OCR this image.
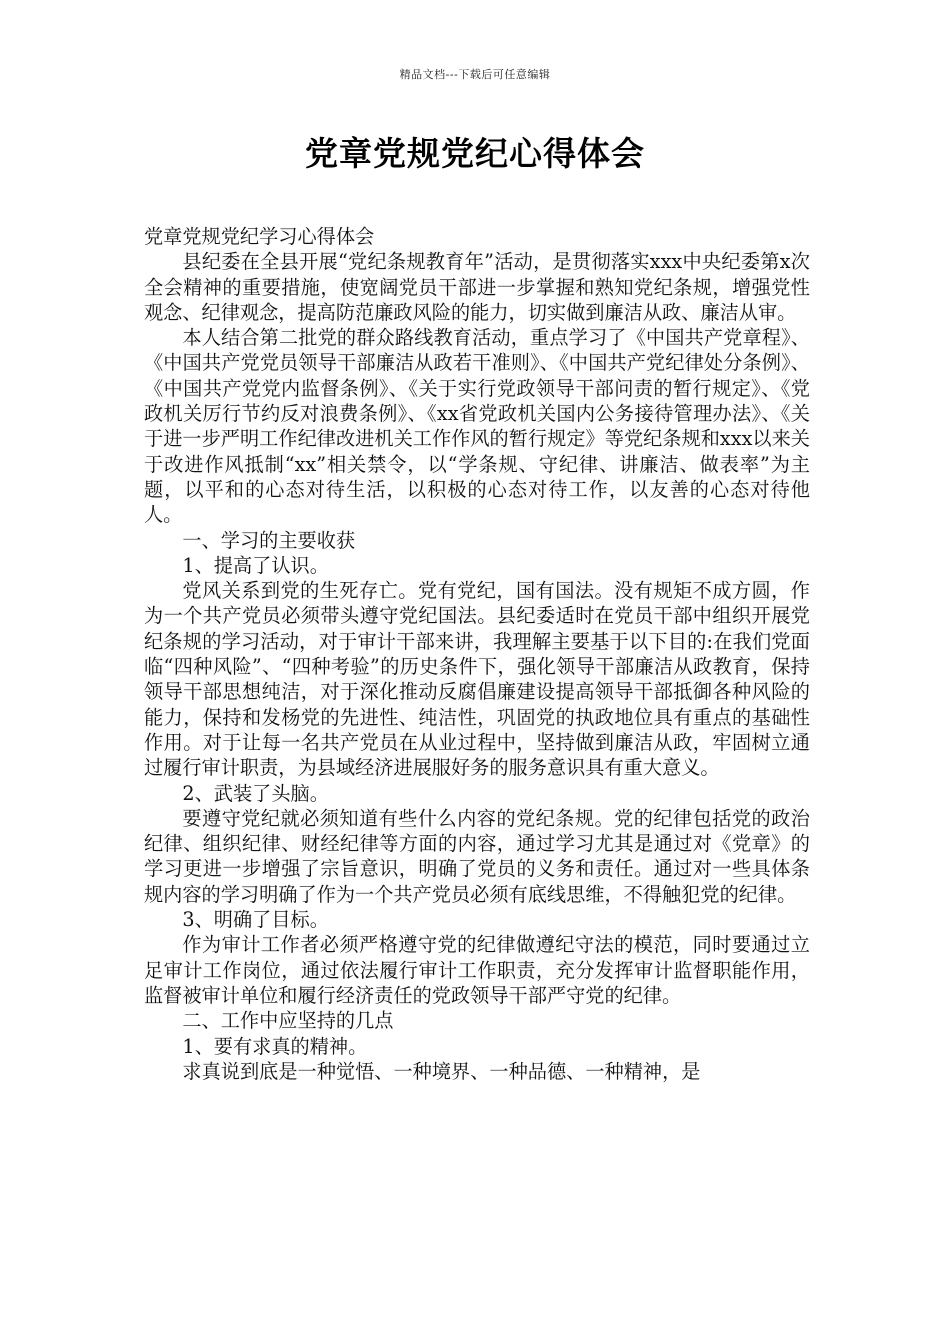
精品文档---下载后可任意编辑
党章党规党纪心得体会

党章党规党纪学习心得体会

县纪委在全县开展“党纪条规教育年”活动，是贯彻落实xxx中央纪委第x次全会精神的重要措施，使宽阔党员干部进一步掌握和熟知党纪条规，增强党性观念、纪律观念，提高防范廉政风险的能力，切实做到廉洁从政、廉洁从审。

本人结合第二批党的群众路线教育活动，重点学习了《中国共产党章程》、《中国共产党党员领导干部廉洁从政若干准则》、《中国共产党纪律处分条例》、《中国共产党党内监督条例》、《关于实行党政领导干部问责的暂行规定》、《党政机关厉行节约反对浪费条例》、《xx省党政机关国内公务接待管理办法》、《关于进一步严明工作纪律改进机关工作作风的暂行规定》等党纪条规和xxx以来关于改进作风抵制“xx”相关禁令，以“学条规、守纪律、讲廉洁、做表率”为主题，以平和的心态对待生活，以积极的心态对待工作，以友善的心态对待他人。

一、学习的主要收获

1、提高了认识。

党风关系到党的生死存亡。党有党纪，国有国法。没有规矩不成方圆，作为一个共产党员必须带头遵守党纪国法。县纪委适时在党员干部中组织开展党纪条规的学习活动，对于审计干部来讲，我理解主要基于以下目的:在我们党面临“四种风险”、“四种考验”的历史条件下，强化领导干部廉洁从政教育，保持领导干部思想纯洁，对于深化推动反腐倡廉建设提高领导干部抵御各种风险的能力，保持和发杨党的先进性、纯洁性，巩固党的执政地位具有重点的基础性作用。对于让每一名共产党员在从业过程中，坚持做到廉洁从政，牢固树立通过履行审计职责，为县域经济进展服好务的服务意识具有重大意义。

2、武装了头脑。

要遵守党纪就必须知道有些什么内容的党纪条规。党的纪律包括党的政治纪律、组织纪律、财经纪律等方面的内容，通过学习尤其是通过对《党章》的学习更进一步增强了宗旨意识，明确了党员的义务和责任。通过对一些具体条规内容的学习明确了作为一个共产党员必须有底线思维，不得触犯党的纪律。

3、明确了目标。

作为审计工作者必须严格遵守党的纪律做遵纪守法的模范，同时要通过立足审计工作岗位，通过依法履行审计工作职责，充分发挥审计监督职能作用，监督被审计单位和履行经济责任的党政领导干部严守党的纪律。

二、工作中应坚持的几点

1、要有求真的精神。

求真说到底是一种觉悟、一种境界、一种品德、一种精神，是
